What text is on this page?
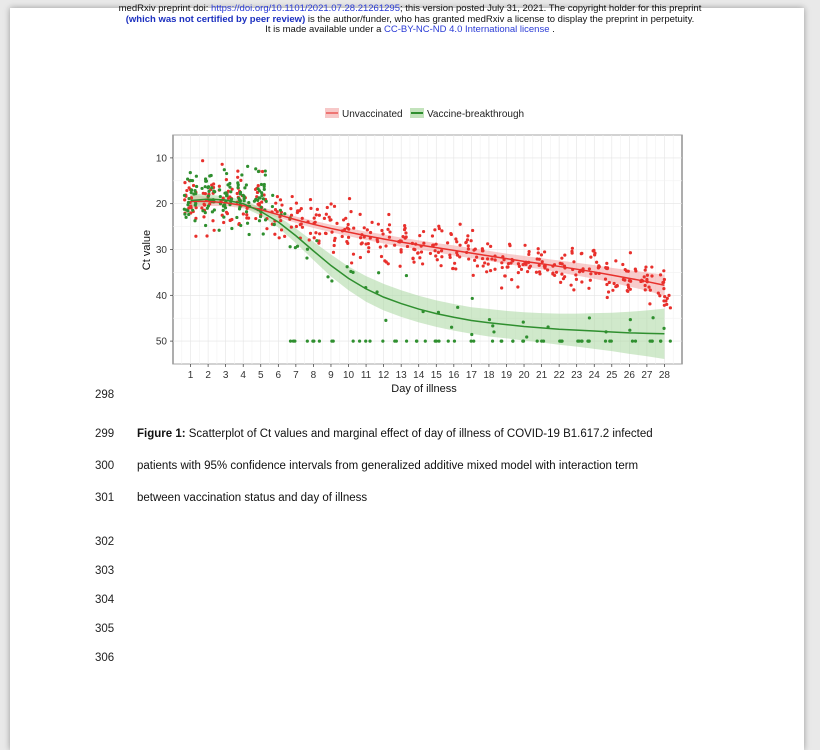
medRxiv preprint doi: https://doi.org/10.1101/2021.07.28.21261295; this version posted July 31, 2021. The copyright holder for this preprint
(which was not certified by peer review) is the author/funder, who has granted medRxiv a license to display the preprint in perpetuity.
It is made available under a CC-BY-NC-ND 4.0 International license .
Unvaccinated Vaccine-breakthrough
1 2 3 4 5 6 7 8 9 10 11 12 13 14 15 16 17 18 19 20 21 22 23 24 25 26 27 28
10
20
30
40
50
Day of illness
Ct value
298
299
300
301
302
303
304
305
306
Figure 1: Scatterplot of Ct values and marginal effect of day of illness of COVID-19 B1.617.2 infected
patients with 95% confidence intervals from generalized additive mixed model with interaction term
between vaccination status and day of illness
